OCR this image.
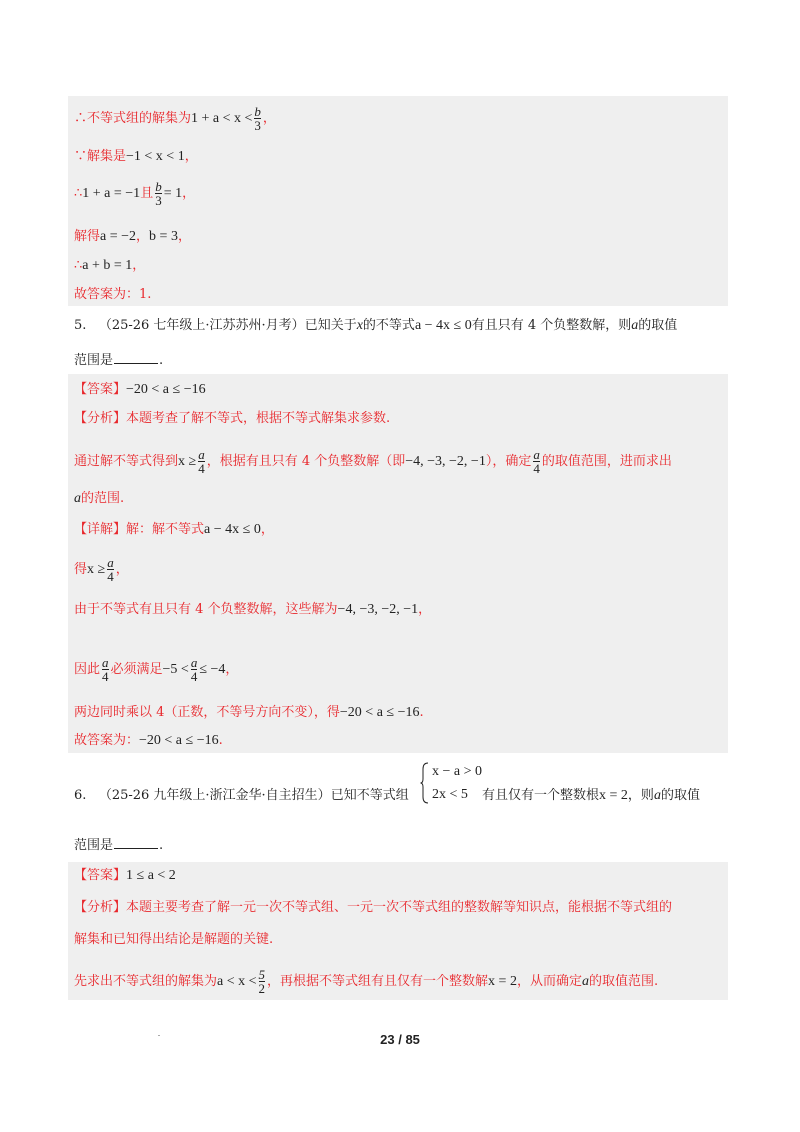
∴不等式组的解集为$1 + a < x < \frac{b}{3}$ ，
∵解集是−1 < x < 1，
∴1 + a = −1且 $\frac{b}{3} = 1$，
解得a = −2，b = 3，
∴a + b = 1，
故答案为：1.
5. （25-26 七年级上·江苏苏州·月考）已知关于x的不等式a − 4x ≤ 0有且只有 4 个负整数解，则a的取值
范围是	.
【答案】−20 < a ≤ −16
【分析】本题考查了解不等式，根据不等式解集求参数.
通过解不等式得到$x \ge \frac{a}{4}$ ，根据有且只有 4 个负整数解（即−4, −3, −2, −1），确定 $\frac{a}{4}$ 的取值范围，进而求出
a的范围.
【详解】解：解不等式a − 4x ≤ 0，
得$x \ge \frac{a}{4}$ ，
由于不等式有且只有 4 个负整数解，这些解为−4, −3, −2, −1，
因此 $\frac{a}{4}$ 必须满足$-5 < \frac{a}{4} \le -4$，
两边同时乘以 4（正数，不等号方向不变），得−20 < a ≤ −16.
故答案为：−20 < a ≤ −16.
6. （25-26 九年级上·浙江金华·自主招生）已知不等式组
x − a > 0
2x < 5 有且仅有一个整数根x = 2，则a的取值
范围是	.
【答案】1 ≤ a < 2
【分析】本题主要考查了解一元一次不等式组、一元一次不等式组的整数解等知识点，能根据不等式组的
解集和已知得出结论是解题的关键.
先求出不等式组的解集为$a < x < \frac{5}{2}$ ，再根据不等式组有且仅有一个整数解x = 2，从而确定a的取值范围.
23 / 85
